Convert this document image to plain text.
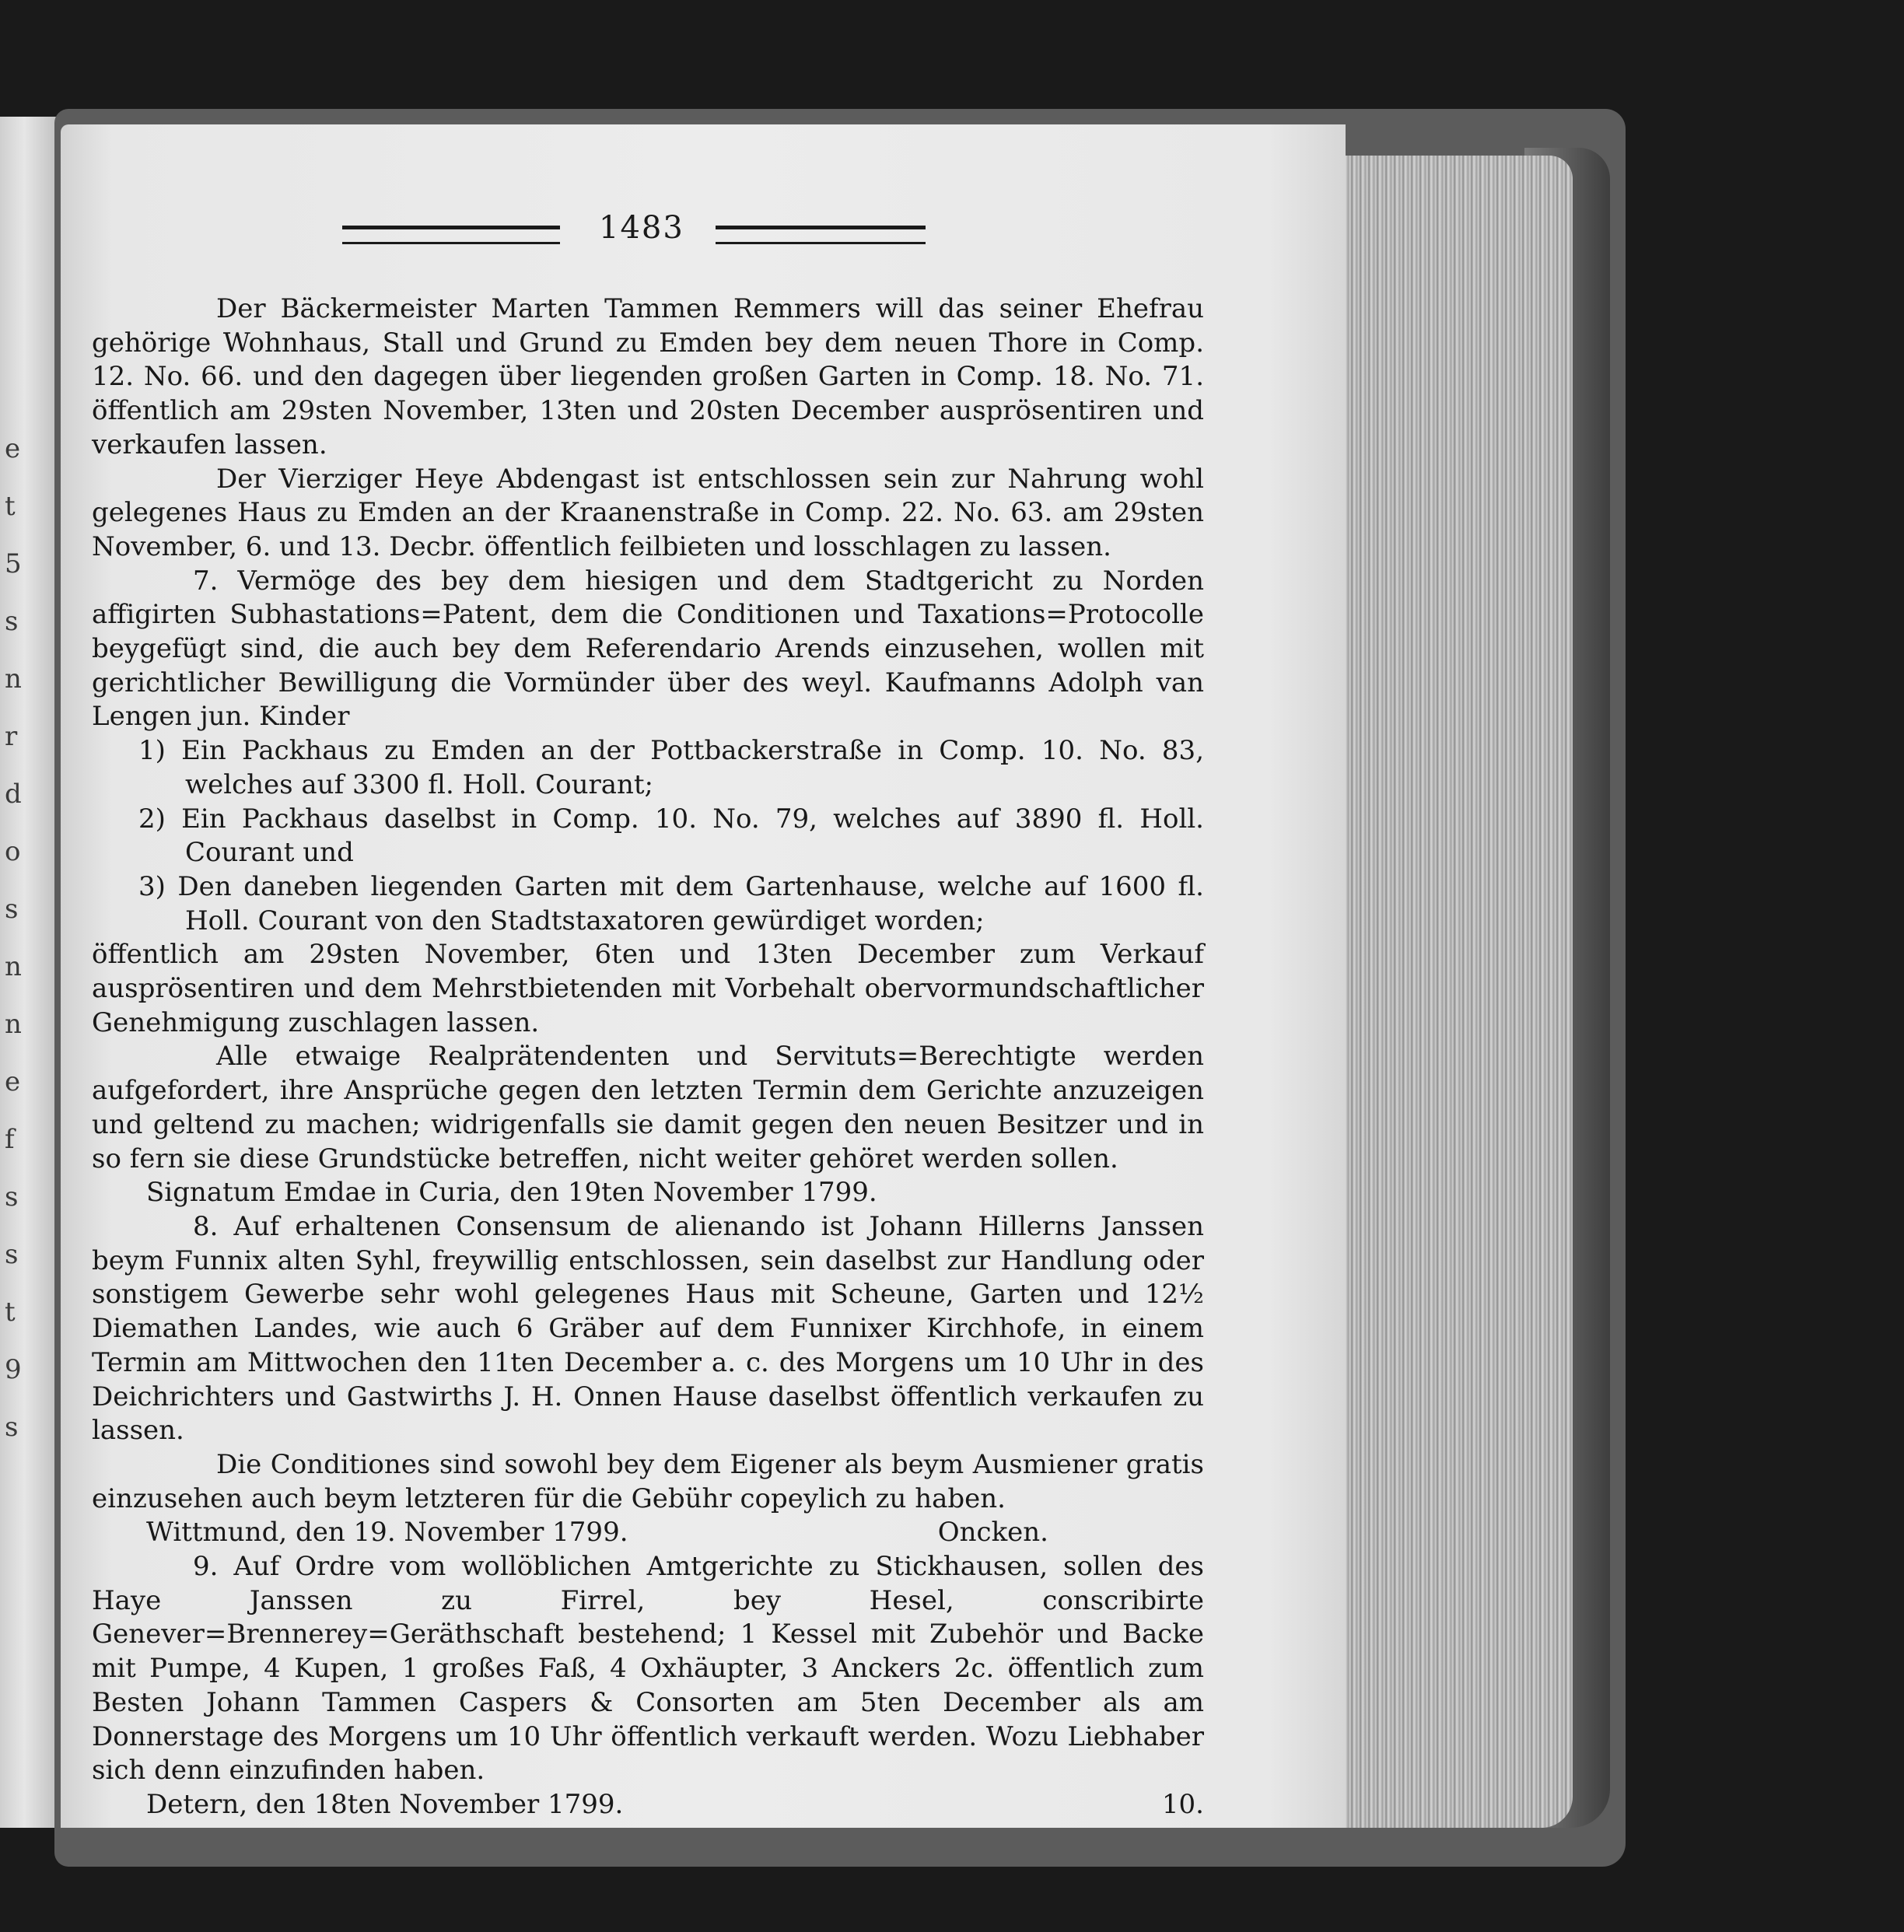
e
t
5
s
n
r
d
o
s
n
n
e
f
s
s
t
9
s
1483

Der Bäckermeister Marten Tammen Remmers will das seiner Ehefrau gehörige Wohnhaus, Stall und Grund zu Emden bey dem neuen Thore in Comp. 12. No. 66. und den dagegen über liegenden großen Garten in Comp. 18. No. 71. öffentlich am 29sten November, 13ten und 20sten December ausprösentiren und verkaufen lassen.

Der Vierziger Heye Abdengast ist entschlossen sein zur Nahrung wohl gelegenes Haus zu Emden an der Kraanenstraße in Comp. 22. No. 63. am 29sten November, 6. und 13. Decbr. öffentlich feilbieten und losschlagen zu lassen.

7. Vermöge des bey dem hiesigen und dem Stadtgericht zu Norden affigirten Subhastations=Patent, dem die Conditionen und Taxations=Protocolle beygefügt sind, die auch bey dem Referendario Arends einzusehen, wollen mit gerichtlicher Bewilligung die Vormünder über des weyl. Kaufmanns Adolph van Lengen jun. Kinder

1) Ein Packhaus zu Emden an der Pottbackerstraße in Comp. 10. No. 83, welches auf 3300 fl. Holl. Courant;

2) Ein Packhaus daselbst in Comp. 10. No. 79, welches auf 3890 fl. Holl. Courant und

3) Den daneben liegenden Garten mit dem Gartenhause, welche auf 1600 fl. Holl. Courant von den Stadtstaxatoren gewürdiget worden;

öffentlich am 29sten November, 6ten und 13ten December zum Verkauf ausprösentiren und dem Mehrstbietenden mit Vorbehalt obervormundschaftlicher Genehmigung zuschlagen lassen.

Alle etwaige Realprätendenten und Servituts=Berechtigte werden aufgefordert, ihre Ansprüche gegen den letzten Termin dem Gerichte anzuzeigen und geltend zu machen; widrigenfalls sie damit gegen den neuen Besitzer und in so fern sie diese Grundstücke betreffen, nicht weiter gehöret werden sollen.

Signatum Emdae in Curia, den 19ten November 1799.

8. Auf erhaltenen Consensum de alienando ist Johann Hillerns Janssen beym Funnix alten Syhl, freywillig entschlossen, sein daselbst zur Handlung oder sonstigem Gewerbe sehr wohl gelegenes Haus mit Scheune, Garten und 12½ Diemathen Landes, wie auch 6 Gräber auf dem Funnixer Kirchhofe, in einem Termin am Mittwochen den 11ten December a. c. des Morgens um 10 Uhr in des Deichrichters und Gastwirths J. H. Onnen Hause daselbst öffentlich verkaufen zu lassen.

Die Conditiones sind sowohl bey dem Eigener als beym Ausmiener gratis einzusehen auch beym letzteren für die Gebühr copeylich zu haben.

Wittmund, den 19. November 1799.	Oncken.

9. Auf Ordre vom wollöblichen Amtgerichte zu Stickhausen, sollen des Haye Janssen zu Firrel, bey Hesel, conscribirte Genever=Brennerey=Geräthschaft bestehend; 1 Kessel mit Zubehör und Backe mit Pumpe, 4 Kupen, 1 großes Faß, 4 Oxhäupter, 3 Anckers 2c. öffentlich zum Besten Johann Tammen Caspers & Consorten am 5ten December als am Donnerstage des Morgens um 10 Uhr öffentlich verkauft werden. Wozu Liebhaber sich denn einzufinden haben.

Detern, den 18ten November 1799.	10.
